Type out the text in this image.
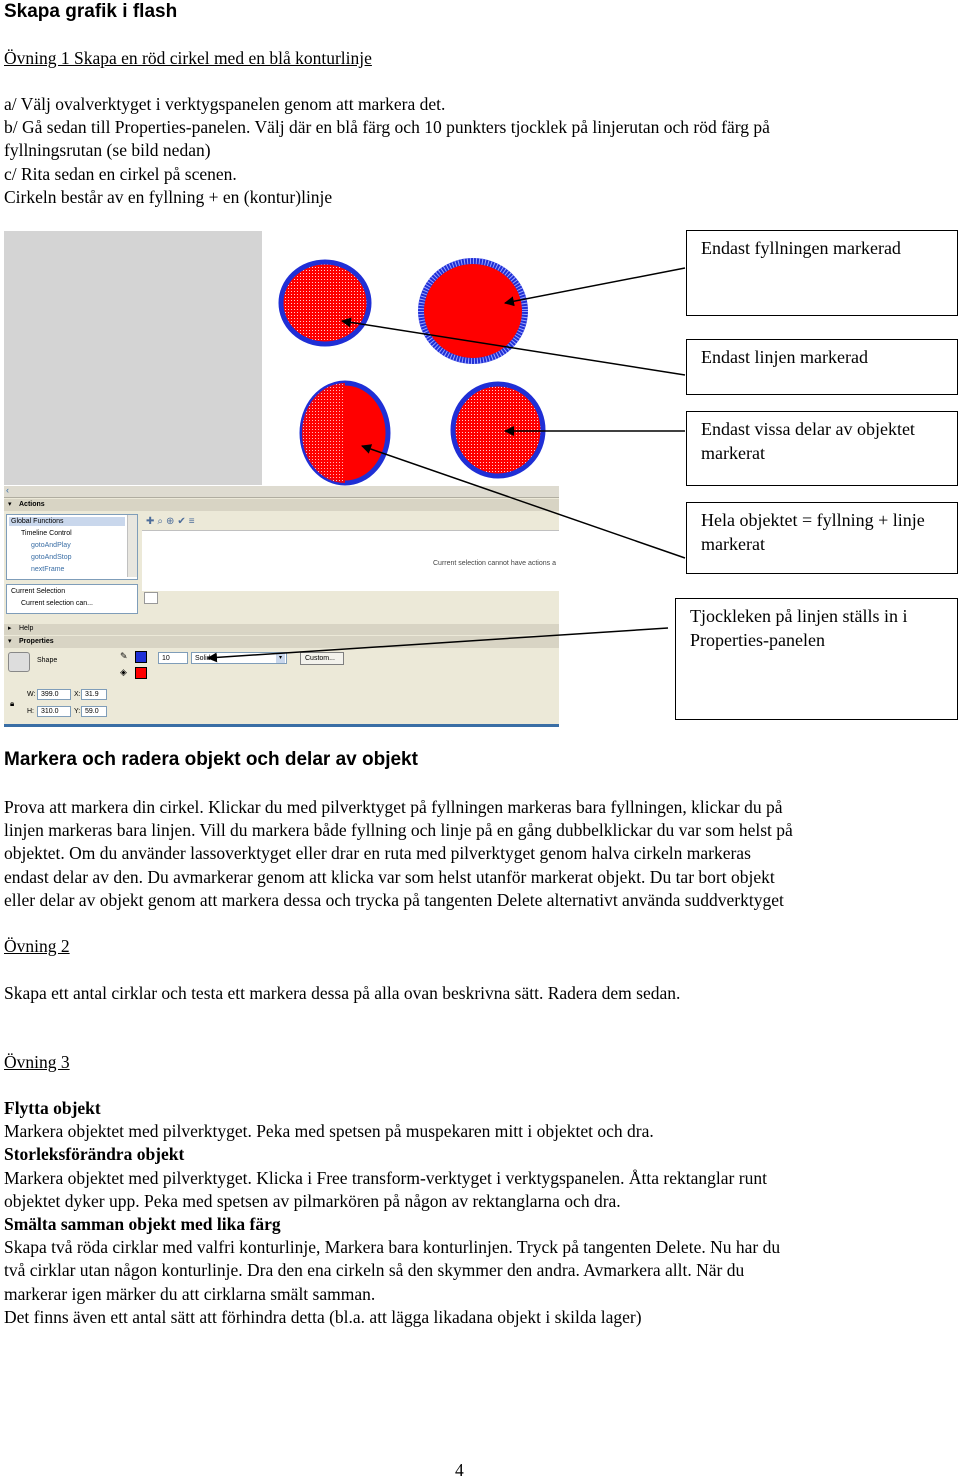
Skapa grafik i flash
Övning 1 Skapa en röd cirkel med en blå konturlinje
a/ Välj ovalverktyget i verktygspanelen genom att markera det.
b/ Gå sedan till Properties-panelen. Välj där en blå färg och 10 punkters tjocklek på linjerutan och röd färg på
fyllningsrutan (se bild nedan)
c/ Rita sedan en cirkel på scenen.
Cirkeln består av en fyllning + en (kontur)linje
‹
▾ Actions
Global Functions
Timeline Control
gotoAndPlay
gotoAndStop
nextFrame
✚⌕⊕✔≡
Current selection cannot have actions a
Current Selection
Current selection can...
▸ Help
▾ Properties
Shape	✎
◈
10	Solid	▾	Custom...
W: 399.0	X: 31.9
🔒︎
H:	310.0	Y: 59.0
Endast fyllningen markerad
Endast linjen markerad
Endast vissa delar av objektet markerat
Hela objektet = fyllning + linje markerat
Tjockleken på linjen ställs in i Properties-panelen
Markera och radera objekt och delar av objekt
Prova att markera din cirkel. Klickar du med pilverktyget på fyllningen markeras bara fyllningen, klickar du på
linjen markeras bara linjen. Vill du markera både fyllning och linje på en gång dubbelklickar du var som helst på
objektet. Om du använder lassoverktyget eller drar en ruta med pilverktyget genom halva cirkeln markeras
endast delar av den. Du avmarkerar genom att klicka var som helst utanför markerat objekt. Du tar bort objekt
eller delar av objekt genom att markera dessa och trycka på tangenten Delete alternativt använda suddverktyget
Övning 2
Skapa ett antal cirklar och testa ett markera dessa på alla ovan beskrivna sätt. Radera dem sedan.
Övning 3
Flytta objekt
Markera objektet med pilverktyget. Peka med spetsen på muspekaren mitt i objektet och dra.
Storleksförändra objekt
Markera objektet med pilverktyget. Klicka i Free transform-verktyget i verktygspanelen. Åtta rektanglar runt
objektet dyker upp. Peka med spetsen av pilmarkören på någon av rektanglarna och dra.
Smälta samman objekt med lika färg
Skapa två röda cirklar med valfri konturlinje, Markera bara konturlinjen. Tryck på tangenten Delete. Nu har du
två cirklar utan någon konturlinje. Dra den ena cirkeln så den skymmer den andra. Avmarkera allt. När du
markerar igen märker du att cirklarna smält samman.
Det finns även ett antal sätt att förhindra detta (bl.a. att lägga likadana objekt i skilda lager)
4
